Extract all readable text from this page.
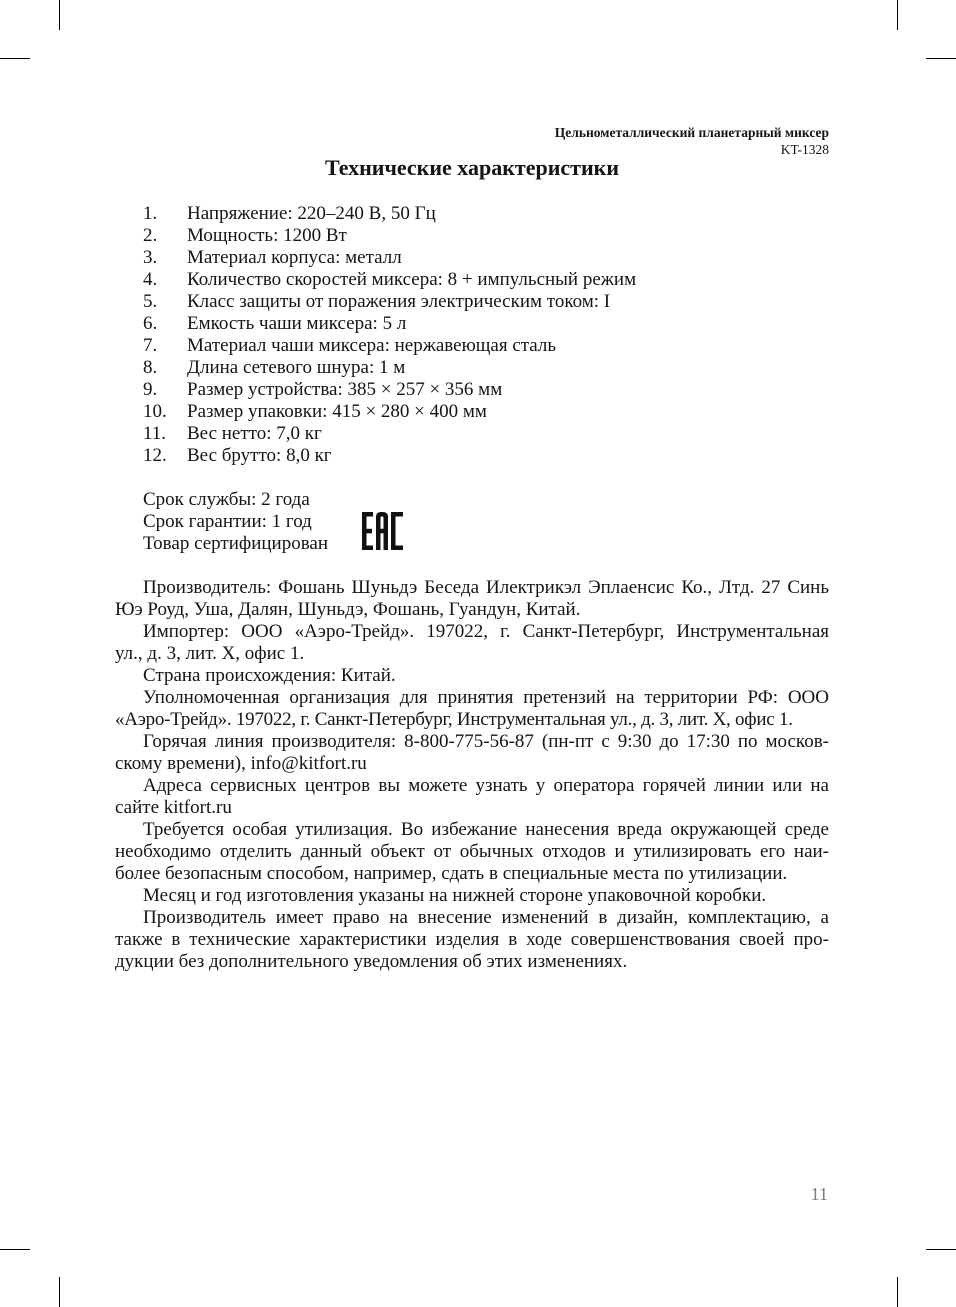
Цельнометаллический планетарный миксер
KT-1328
Технические характеристики
1.	Напряжение: 220–240 В, 50 Гц
2.	Мощность: 1200 Вт
3.	Материал корпуса: металл
4.	Количество скоростей миксера: 8 + импульсный режим
5.	Класс защиты от поражения электрическим током: I
6.	Емкость чаши миксера: 5 л
7.	Материал чаши миксера: нержавеющая сталь
8.	Длина сетевого шнура: 1 м
9.	Размер устройства: 385 × 257 × 356 мм
10.	Размер упаковки: 415 × 280 × 400 мм
11.	Вес нетто: 7,0 кг
12.	Вес брутто: 8,0 кг
Срок службы: 2 года
Срок гарантии: 1 год
Товар сертифицирован
Производитель: Фошань Шуньдэ Беседа Илектрикэл Эплаенсис Ко., Лтд. 27 Синь
Юэ Роуд, Уша, Далян, Шуньдэ, Фошань, Гуандун, Китай.
Импортер: ООО «Аэро-Трейд». 197022, г. Санкт-Петербург, Инструментальная
ул., д. 3, лит. Х, офис 1.
Страна происхождения: Китай.
Уполномоченная организация для принятия претензий на территории РФ: ООО
«Аэро-Трейд». 197022, г. Санкт-Петербург, Инструментальная ул., д. 3, лит. Х, офис 1.
Горячая линия производителя: 8-800-775-56-87 (пн-пт с 9:30 до 17:30 по москов-
скому времени), info@kitfort.ru
Адреса сервисных центров вы можете узнать у оператора горячей линии или на
сайте kitfort.ru
Требуется особая утилизация. Во избежание нанесения вреда окружающей среде
необходимо отделить данный объект от обычных отходов и утилизировать его наи-
более безопасным способом, например, сдать в специальные места по утилизации.
Месяц и год изготовления указаны на нижней стороне упаковочной коробки.
Производитель имеет право на внесение изменений в дизайн, комплектацию, а
также в технические характеристики изделия в ходе совершенствования своей про-
дукции без дополнительного уведомления об этих изменениях.
11
